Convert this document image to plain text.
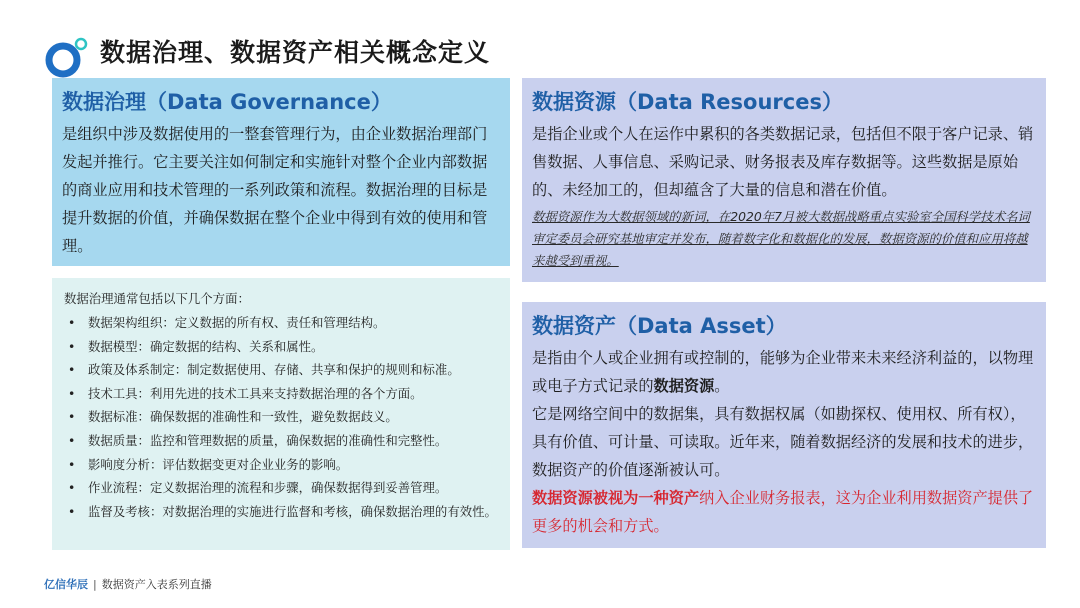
数据治理、数据资产相关概念定义
数据治理（Data Governance）
是组织中涉及数据使用的一整套管理行为，由企业数据治理部门发起并推行。它主要关注如何制定和实施针对整个企业内部数据的商业应用和技术管理的一系列政策和流程。数据治理的目标是提升数据的价值，并确保数据在整个企业中得到有效的使用和管理。
数据治理通常包括以下几个方面：
• 数据架构组织：定义数据的所有权、责任和管理结构。
• 数据模型：确定数据的结构、关系和属性。
• 政策及体系制定：制定数据使用、存储、共享和保护的规则和标准。
• 技术工具：利用先进的技术工具来支持数据治理的各个方面。
• 数据标准：确保数据的准确性和一致性，避免数据歧义。
• 数据质量：监控和管理数据的质量，确保数据的准确性和完整性。
• 影响度分析：评估数据变更对企业业务的影响。
• 作业流程：定义数据治理的流程和步骤，确保数据得到妥善管理。
• 监督及考核：对数据治理的实施进行监督和考核，确保数据治理的有效性。
数据资源（Data Resources）
是指企业或个人在运作中累积的各类数据记录，包括但不限于客户记录、销售数据、人事信息、采购记录、财务报表及库存数据等。这些数据是原始的、未经加工的，但却蕴含了大量的信息和潜在价值。
数据资源作为大数据领域的新词，在2020年7月被大数据战略重点实验室全国科学技术名词审定委员会研究基地审定并发布，随着数字化和数据化的发展，数据资源的价值和应用将越来越受到重视。
数据资产（Data Asset）
是指由个人或企业拥有或控制的，能够为企业带来未来经济利益的，以物理或电子方式记录的数据资源。
它是网络空间中的数据集，具有数据权属（如勘探权、使用权、所有权），具有价值、可计量、可读取。近年来，随着数据经济的发展和技术的进步，数据资产的价值逐渐被认可。
数据资源被视为一种资产纳入企业财务报表，这为企业利用数据资产提供了更多的机会和方式。
亿信华辰 | 数据资产入表系列直播
